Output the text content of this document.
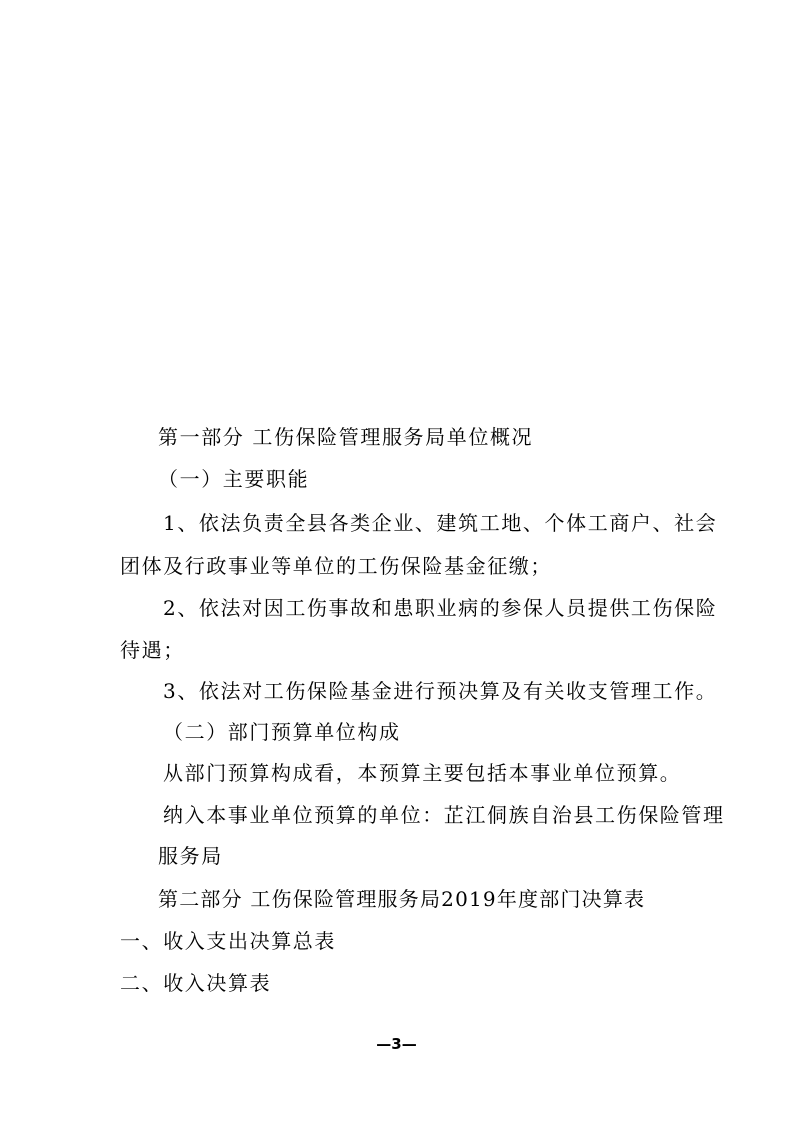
第一部分 工伤保险管理服务局单位概况
（一）主要职能
1、依法负责全县各类企业、建筑工地、个体工商户、社会
团体及行政事业等单位的工伤保险基金征缴；
2、依法对因工伤事故和患职业病的参保人员提供工伤保险
待遇；
3、依法对工伤保险基金进行预决算及有关收支管理工作。
（二）部门预算单位构成
从部门预算构成看，本预算主要包括本事业单位预算。
纳入本事业单位预算的单位：芷江侗族自治县工伤保险管理
服务局
第二部分 工伤保险管理服务局2019年度部门决算表
一、收入支出决算总表
二、收入决算表
—3—
